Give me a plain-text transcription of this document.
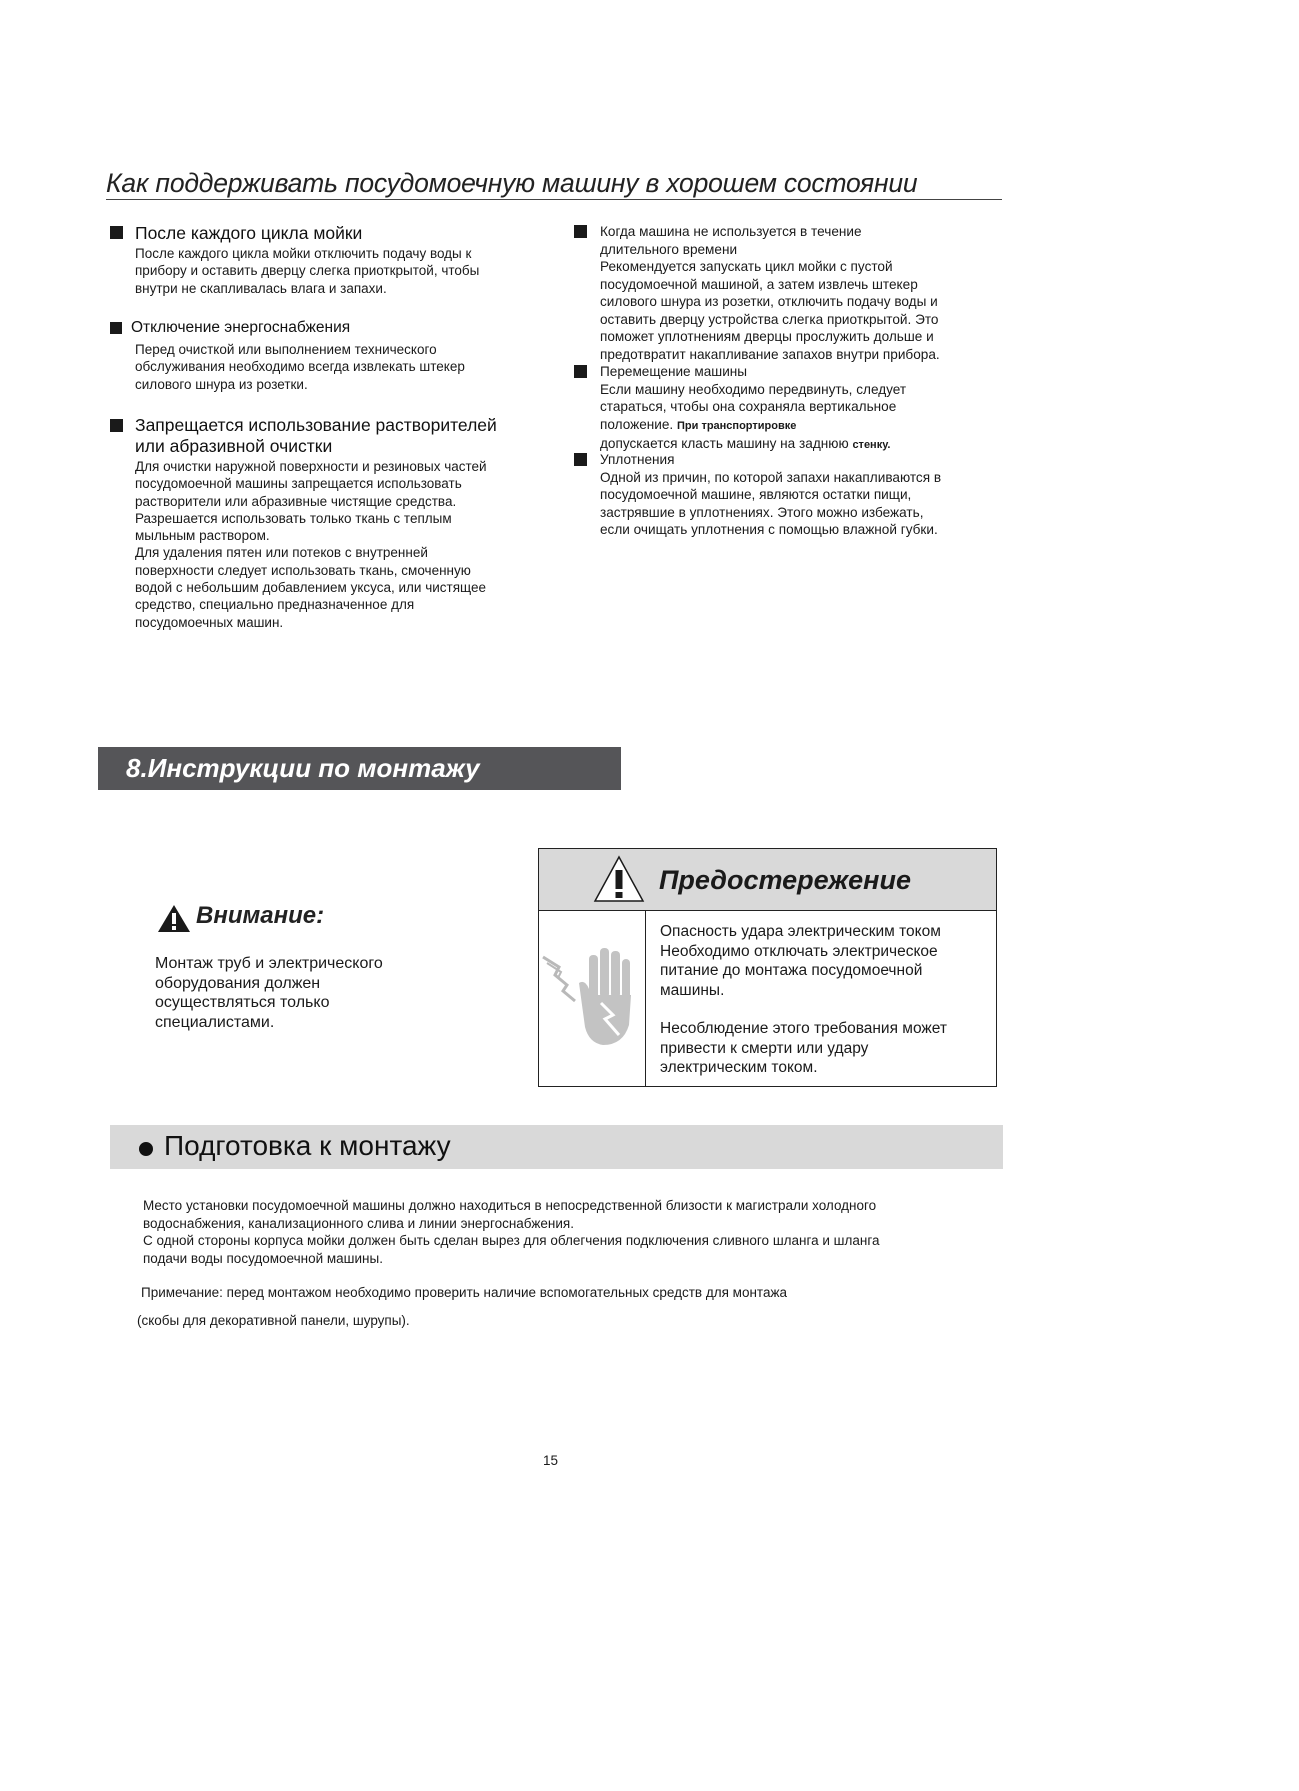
Как поддерживать посудомоечную машину в хорошем состоянии
После каждого цикла мойки

После каждого цикла мойки отключить подачу воды к

прибору и оставить дверцу слегка приоткрытой, чтобы

внутри не скапливалась влага и запахи.

Отключение энергоснабжения

Перед очисткой или выполнением технического

обслуживания необходимо всегда извлекать штекер

силового шнура из розетки.

Запрещается использование растворителей
или абразивной очистки

Для очистки наружной поверхности и резиновых частей

посудомоечной машины запрещается использовать

растворители или абразивные чистящие средства.

Разрешается использовать только ткань с теплым

мыльным раствором.

Для удаления пятен или потеков с внутренней

поверхности следует использовать ткань, смоченную

водой с небольшим добавлением уксуса, или чистящее

средство, специально предназначенное для

посудомоечных машин.

Когда машина не используется в течение

длительного времени

Рекомендуется запускать цикл мойки с пустой

посудомоечной машиной, а затем извлечь штекер

силового шнура из розетки, отключить подачу воды и

оставить дверцу устройства слегка приоткрытой. Это

поможет уплотнениям дверцы прослужить дольше и

предотвратит накапливание запахов внутри прибора.

Перемещение машины

Если машину необходимо передвинуть, следует

стараться, чтобы она сохраняла вертикальное

положение. При транспортировке

допускается класть машину на заднюю стенку.

Уплотнения

Одной из причин, по которой запахи накапливаются в

посудомоечной машине, являются остатки пищи,

застрявшие в уплотнениях. Этого можно избежать,

если очищать уплотнения с помощью влажной губки.

8.Инструкции по монтажу
Внимание:

Монтаж труб и электрического

оборудования должен

осуществляться только

специалистами.

Предостережение

Опасность удара электрическим током

Необходимо отключать электрическое

питание до монтажа посудомоечной

машины.

Несоблюдение этого требования может

привести к смерти или удару

электрическим током.

Подготовка к монтажу

Место установки посудомоечной машины должно находиться в непосредственной близости к магистрали холодного

водоснабжения, канализационного слива и линии энергоснабжения.

С одной стороны корпуса мойки должен быть сделан вырез для облегчения подключения сливного шланга и шланга

подачи воды посудомоечной машины.

Примечание: перед монтажом необходимо проверить наличие вспомогательных средств для монтажа
(скобы для декоративной панели, шурупы).
15
